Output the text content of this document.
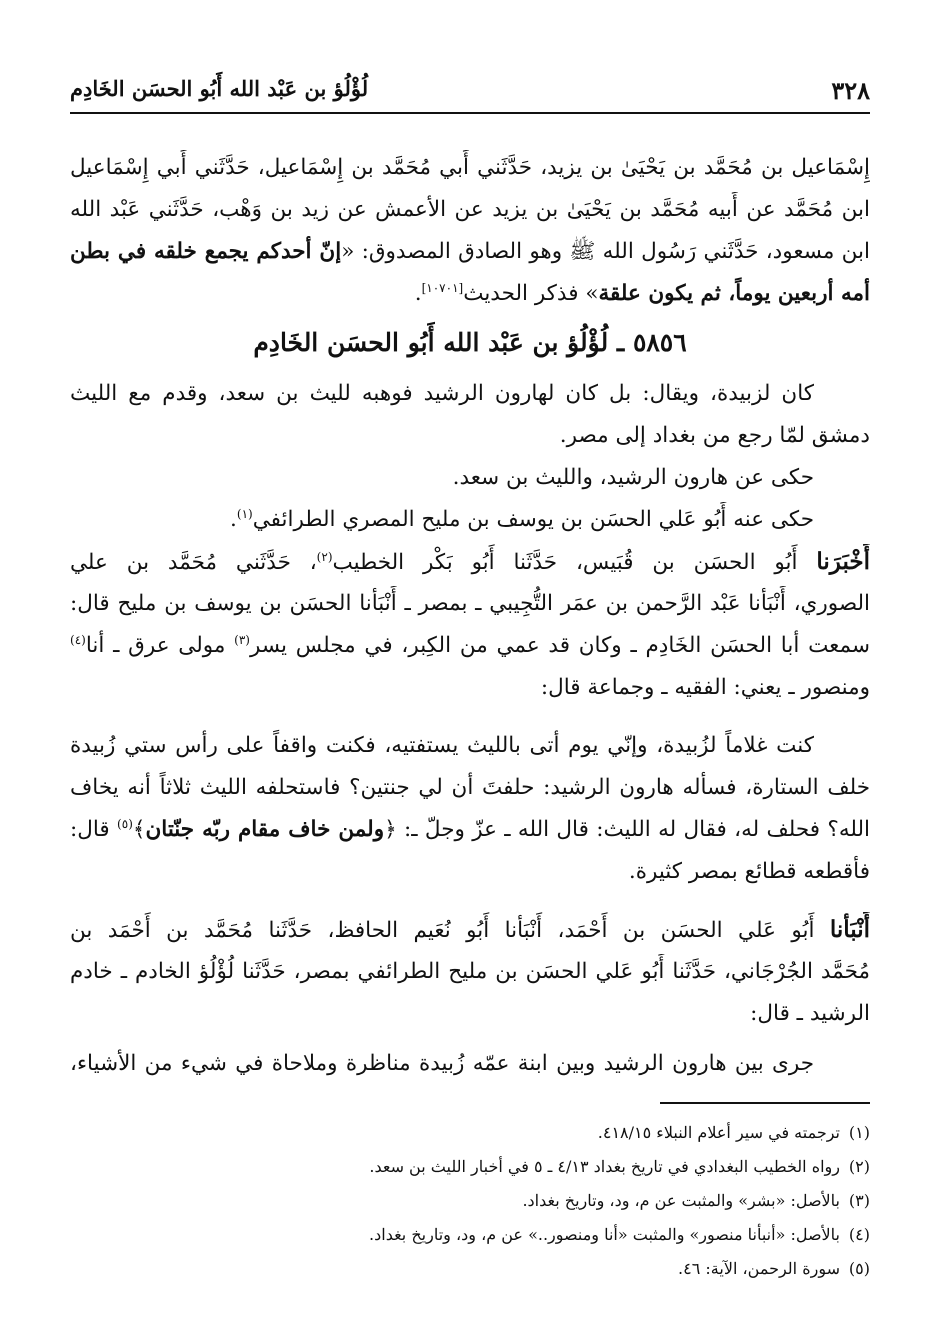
٣٢٨
لُؤْلُؤ بن عَبْد الله أَبُو الحسَن الخَادِم
إِسْمَاعيل بن مُحَمَّد بن يَحْيَىٰ بن يزيد، حَدَّثَني أَبي مُحَمَّد بن إِسْمَاعيل، حَدَّثَني أَبي إِسْمَاعيل
ابن مُحَمَّد عن أَبيه مُحَمَّد بن يَحْيَىٰ بن يزيد عن الأعمش عن زيد بن وَهْب، حَدَّثَني عَبْد الله
ابن مسعود، حَدَّثَني رَسُول الله ﷺ وهو الصادق المصدوق: «إنّ أحدكم يجمع خلقه في بطن
أمه أربعين يوماً، ثم يكون علقة» فذكر الحديث[١٠٧٠١].
٥٨٥٦ ـ لُؤْلُؤ بن عَبْد الله أَبُو الحسَن الخَادِم
كان لزبيدة، ويقال: بل كان لهارون الرشيد فوهبه لليث بن سعد، وقدم مع الليث
دمشق لمّا رجع من بغداد إلى مصر.
حكى عن هارون الرشيد، والليث بن سعد.
حكى عنه أَبُو عَلي الحسَن بن يوسف بن مليح المصري الطرائفي$^{(١)}$.
أَخْبَرَنا أَبُو الحسَن بن قُبَيس، حَدَّثَنا أَبُو بَكْر الخطيب$^{(٢)}$، حَدَّثَني مُحَمَّد بن علي
الصوري، أَنْبَأنا عَبْد الرَّحمن بن عمَر التُّجِيبي ـ بمصر ـ أَنْبَأنا الحسَن بن يوسف بن مليح قال:
سمعت أبا الحسَن الخَادِم ـ وكان قد عمي من الكِبر، في مجلس يسر$^{(٣)}$ مولى عرق ـ أنا$^{(٤)}$
ومنصور ـ يعني: الفقيه ـ وجماعة قال:
كنت غلاماً لزُبيدة، وإنّي يوم أتى بالليث يستفتيه، فكنت واقفاً على رأس ستي زُبيدة
خلف الستارة، فسأله هارون الرشيد: حلفتَ أن لي جنتين؟ فاستحلفه الليث ثلاثاً أنه يخاف
الله؟ فحلف له، فقال له الليث: قال الله ـ عزّ وجلّ ـ: ﴿ولمن خاف مقام ربّه جنّتان﴾$^{(٥)}$ قال:
فأقطعه قطائع بمصر كثيرة.
أَنْبَأنا أَبُو عَلي الحسَن بن أَحْمَد، أَنْبَأنا أَبُو نُعَيم الحافظ، حَدَّثَنا مُحَمَّد بن أَحْمَد بن
مُحَمَّد الجُرْجَاني، حَدَّثَنا أَبُو عَلي الحسَن بن مليح الطرائفي بمصر، حَدَّثَنا لُؤْلُؤ الخادم ـ خادم
الرشيد ـ قال:
جرى بين هارون الرشيد وبين ابنة عمّه زُبيدة مناظرة وملاحاة في شيء من الأشياء،
(١)ترجمته في سير أعلام النبلاء ٤١٨/١٥.
(٢)رواه الخطيب البغدادي في تاريخ بغداد ٤/١٣ ـ ٥ في أخبار الليث بن سعد.
(٣)بالأصل: «بشر» والمثبت عن م، ود، وتاريخ بغداد.
(٤)بالأصل: «أنبأنا منصور» والمثبت «أنا ومنصور..» عن م، ود، وتاريخ بغداد.
(٥)سورة الرحمن، الآية: ٤٦.
